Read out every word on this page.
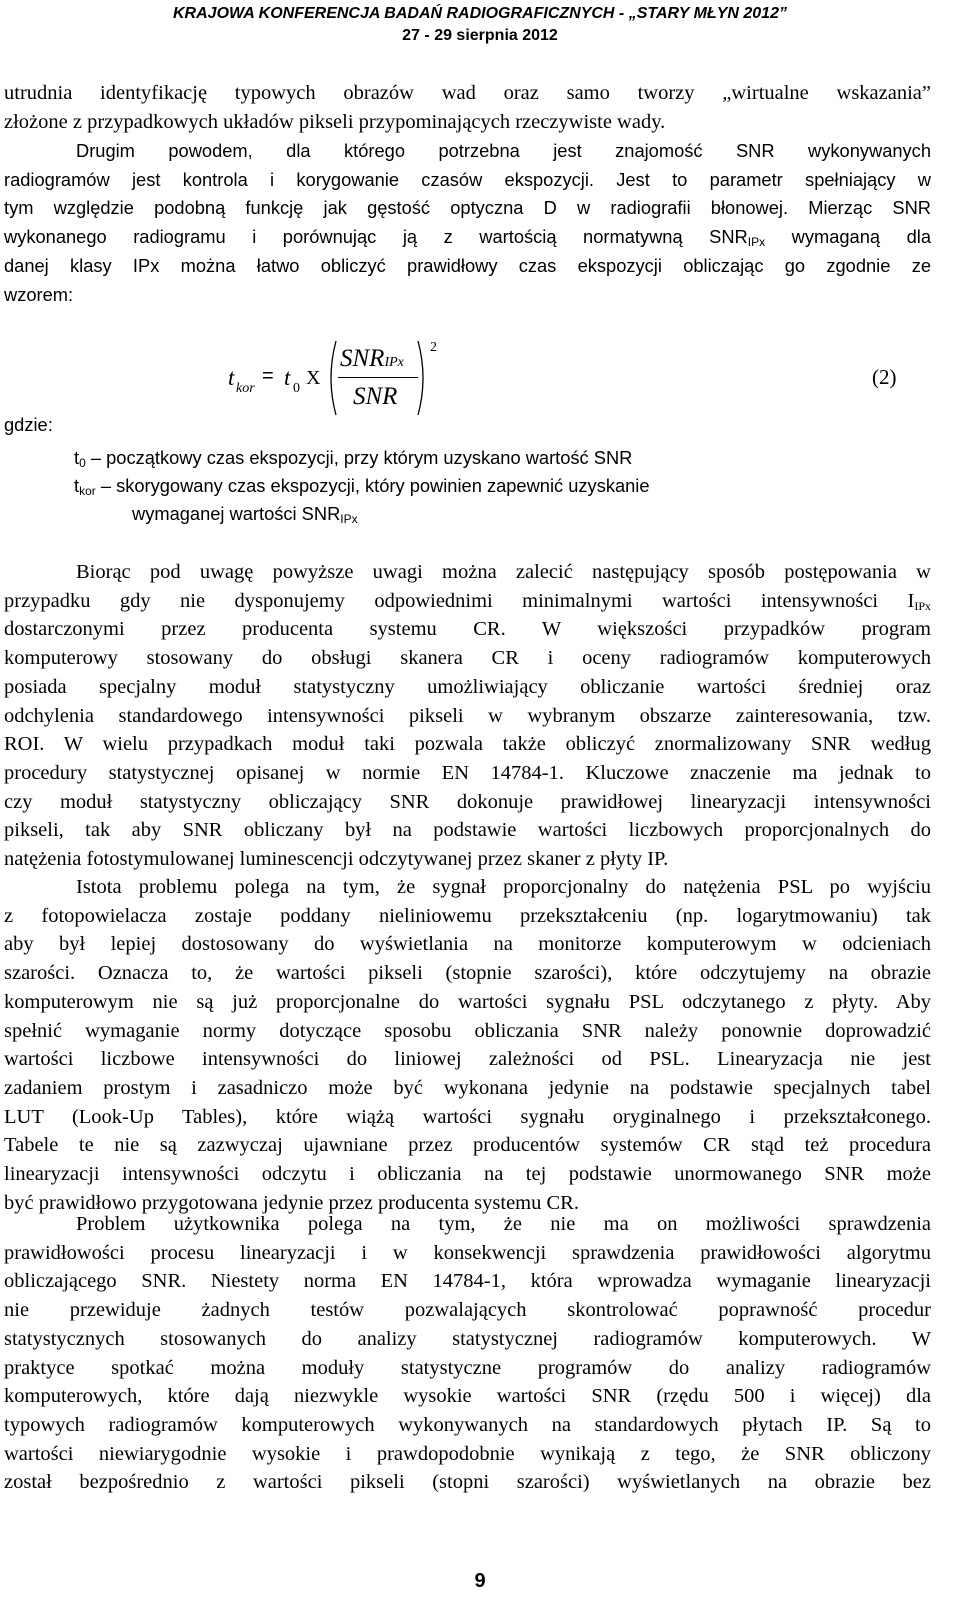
KRAJOWA KONFERENCJA BADAŃ RADIOGRAFICZNYCH - „STARY MŁYN 2012”
27 - 29 sierpnia 2012
utrudnia identyfikację typowych obrazów wad oraz samo tworzy „wirtualne wskazania”
złożone z przypadkowych układów pikseli przypominających rzeczywiste wady.
Drugim powodem, dla którego potrzebna jest znajomość SNR wykonywanych
radiogramów jest kontrola i korygowanie czasów ekspozycji. Jest to parametr spełniający w
tym względzie podobną funkcję jak gęstość optyczna D w radiografii błonowej. Mierząc SNR
wykonanego radiogramu i porównując ją z wartością normatywną $SNR_{IPx}$ wymaganą dla
danej klasy IPx można łatwo obliczyć prawidłowy czas ekspozycji obliczając go zgodnie ze
wzorem:
t kor
= t 0 X
SNRIPx
SNR
2
(2)
gdzie:
$t_0$ – początkowy czas ekspozycji, przy którym uzyskano wartość SNR
$t_{kor}$ – skorygowany czas ekspozycji, który powinien zapewnić uzyskanie
wymaganej wartości $SNR_{IPx}$
Biorąc pod uwagę powyższe uwagi można zalecić następujący sposób postępowania w
przypadku gdy nie dysponujemy odpowiednimi minimalnymi wartości intensywności $I_{IPx}$
dostarczonymi przez producenta systemu CR. W większości przypadków program
komputerowy stosowany do obsługi skanera CR i oceny radiogramów komputerowych
posiada specjalny moduł statystyczny umożliwiający obliczanie wartości średniej oraz
odchylenia standardowego intensywności pikseli w wybranym obszarze zainteresowania, tzw.
ROI. W wielu przypadkach moduł taki pozwala także obliczyć znormalizowany SNR według
procedury statystycznej opisanej w normie EN 14784-1. Kluczowe znaczenie ma jednak to
czy moduł statystyczny obliczający SNR dokonuje prawidłowej linearyzacji intensywności
pikseli, tak aby SNR obliczany był na podstawie wartości liczbowych proporcjonalnych do
natężenia fotostymulowanej luminescencji odczytywanej przez skaner z płyty IP.
Istota problemu polega na tym, że sygnał proporcjonalny do natężenia PSL po wyjściu
z fotopowielacza zostaje poddany nieliniowemu przekształceniu (np. logarytmowaniu) tak
aby był lepiej dostosowany do wyświetlania na monitorze komputerowym w odcieniach
szarości. Oznacza to, że wartości pikseli (stopnie szarości), które odczytujemy na obrazie
komputerowym nie są już proporcjonalne do wartości sygnału PSL odczytanego z płyty. Aby
spełnić wymaganie normy dotyczące sposobu obliczania SNR należy ponownie doprowadzić
wartości liczbowe intensywności do liniowej zależności od PSL. Linearyzacja nie jest
zadaniem prostym i zasadniczo może być wykonana jedynie na podstawie specjalnych tabel
LUT (Look-Up Tables), które wiążą wartości sygnału oryginalnego i przekształconego.
Tabele te nie są zazwyczaj ujawniane przez producentów systemów CR stąd też procedura
linearyzacji intensywności odczytu i obliczania na tej podstawie unormowanego SNR może
być prawidłowo przygotowana jedynie przez producenta systemu CR.
Problem użytkownika polega na tym, że nie ma on możliwości sprawdzenia
prawidłowości procesu linearyzacji i w konsekwencji sprawdzenia prawidłowości algorytmu
obliczającego SNR. Niestety norma EN 14784-1, która wprowadza wymaganie linearyzacji
nie przewiduje żadnych testów pozwalających skontrolować poprawność procedur
statystycznych stosowanych do analizy statystycznej radiogramów komputerowych. W
praktyce spotkać można moduły statystyczne programów do analizy radiogramów
komputerowych, które dają niezwykle wysokie wartości SNR (rzędu 500 i więcej) dla
typowych radiogramów komputerowych wykonywanych na standardowych płytach IP. Są to
wartości niewiarygodnie wysokie i prawdopodobnie wynikają z tego, że SNR obliczony
został bezpośrednio z wartości pikseli (stopni szarości) wyświetlanych na obrazie bez
9
